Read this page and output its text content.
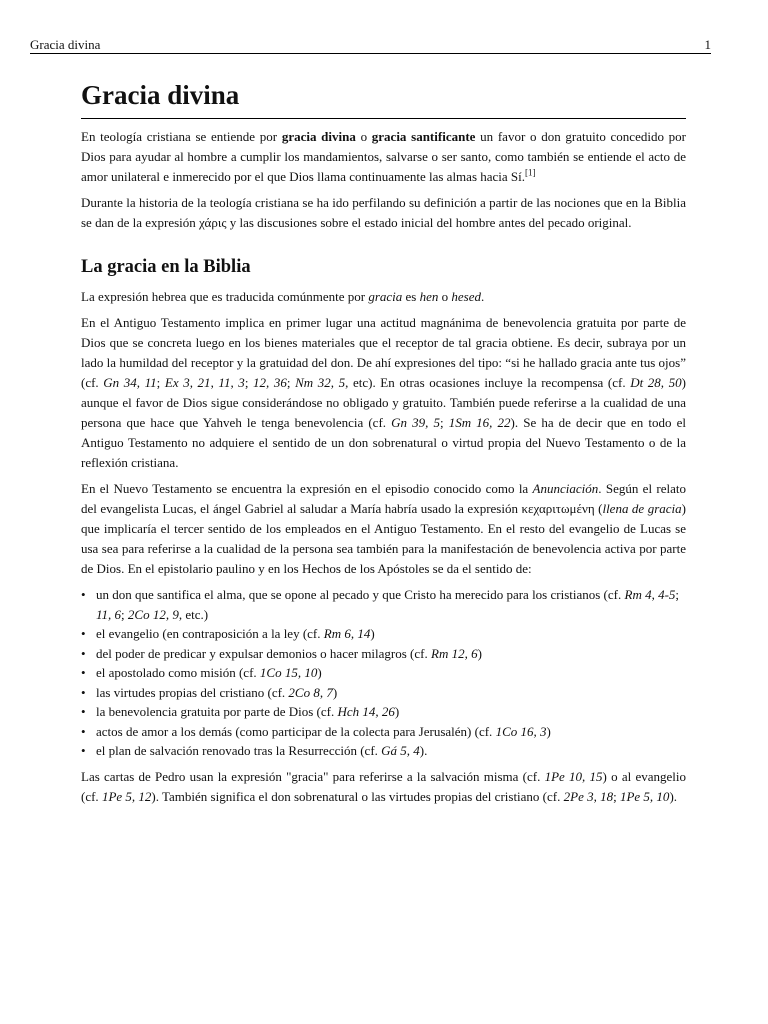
Gracia divina	1
Gracia divina

En teología cristiana se entiende por gracia divina o gracia santificante un favor o don gratuito concedido por Dios para ayudar al hombre a cumplir los mandamientos, salvarse o ser santo, como también se entiende el acto de amor unilateral e inmerecido por el que Dios llama continuamente las almas hacia Sí.[1]

Durante la historia de la teología cristiana se ha ido perfilando su definición a partir de las nociones que en la Biblia se dan de la expresión χάρις y las discusiones sobre el estado inicial del hombre antes del pecado original.

La gracia en la Biblia

La expresión hebrea que es traducida comúnmente por gracia es hen o hesed.

En el Antiguo Testamento implica en primer lugar una actitud magnánima de benevolencia gratuita por parte de Dios que se concreta luego en los bienes materiales que el receptor de tal gracia obtiene. Es decir, subraya por un lado la humildad del receptor y la gratuidad del don. De ahí expresiones del tipo: “si he hallado gracia ante tus ojos” (cf. Gn 34, 11; Ex 3, 21, 11, 3; 12, 36; Nm 32, 5, etc). En otras ocasiones incluye la recompensa (cf. Dt 28, 50) aunque el favor de Dios sigue considerándose no obligado y gratuito. También puede referirse a la cualidad de una persona que hace que Yahveh le tenga benevolencia (cf. Gn 39, 5; 1Sm 16, 22). Se ha de decir que en todo el Antiguo Testamento no adquiere el sentido de un don sobrenatural o virtud propia del Nuevo Testamento o de la reflexión cristiana.

En el Nuevo Testamento se encuentra la expresión en el episodio conocido como la Anunciación. Según el relato del evangelista Lucas, el ángel Gabriel al saludar a María habría usado la expresión κεχαριτωμένη (llena de gracia) que implicaría el tercer sentido de los empleados en el Antiguo Testamento. En el resto del evangelio de Lucas se usa sea para referirse a la cualidad de la persona sea también para la manifestación de benevolencia activa por parte de Dios. En el epistolario paulino y en los Hechos de los Apóstoles se da el sentido de:

• un don que santifica el alma, que se opone al pecado y que Cristo ha merecido para los cristianos (cf. Rm 4, 4-5; 11, 6; 2Co 12, 9, etc.)
• el evangelio (en contraposición a la ley (cf. Rm 6, 14)
• del poder de predicar y expulsar demonios o hacer milagros (cf. Rm 12, 6)
• el apostolado como misión (cf. 1Co 15, 10)
• las virtudes propias del cristiano (cf. 2Co 8, 7)
• la benevolencia gratuita por parte de Dios (cf. Hch 14, 26)
• actos de amor a los demás (como participar de la colecta para Jerusalén) (cf. 1Co 16, 3)
• el plan de salvación renovado tras la Resurrección (cf. Gá 5, 4).

Las cartas de Pedro usan la expresión "gracia" para referirse a la salvación misma (cf. 1Pe 10, 15) o al evangelio (cf. 1Pe 5, 12). También significa el don sobrenatural o las virtudes propias del cristiano (cf. 2Pe 3, 18; 1Pe 5, 10).
